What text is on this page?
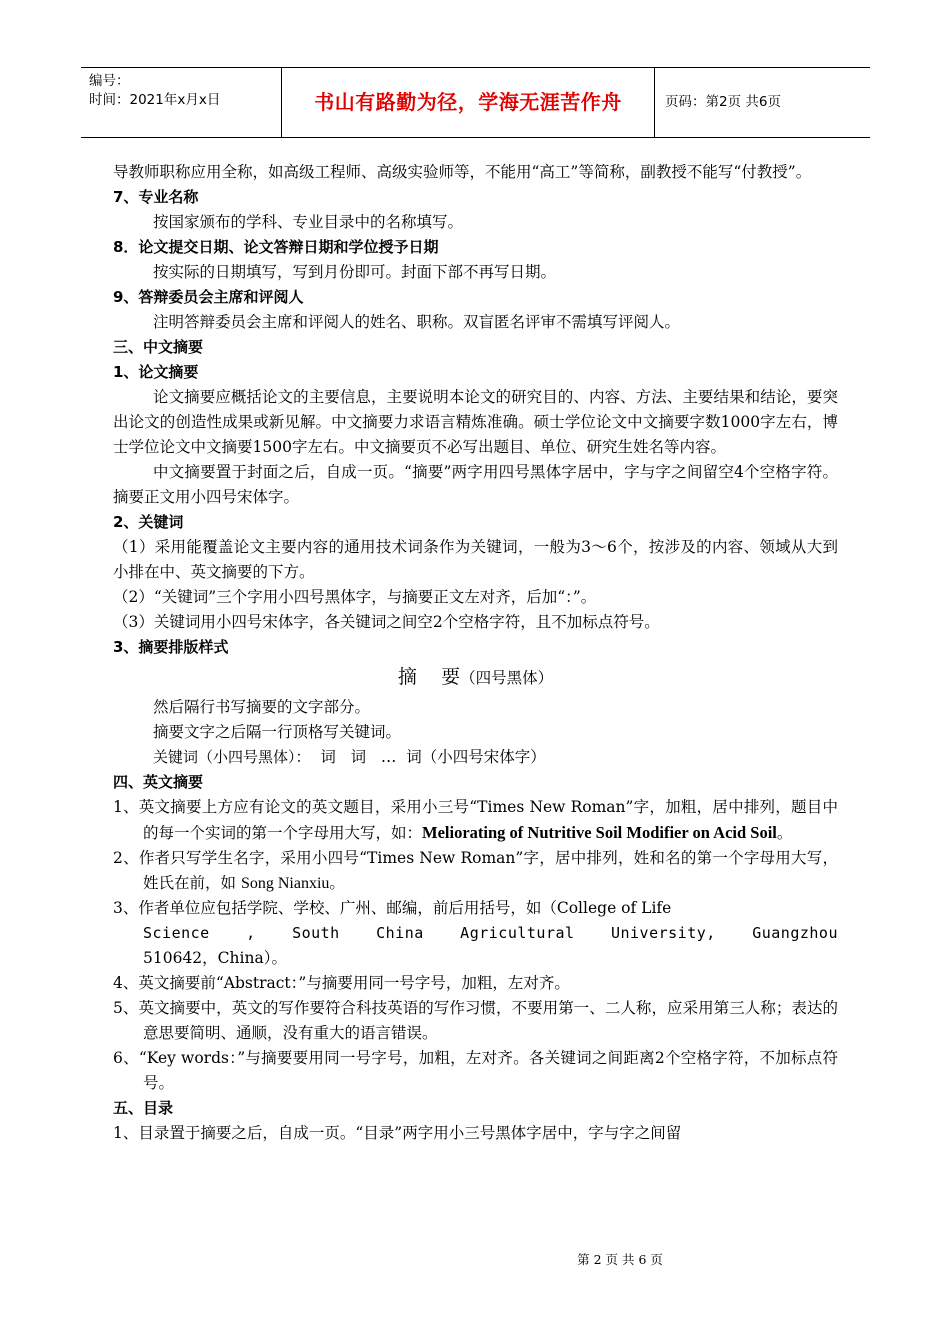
编号：
时间：2021年x月x日	书山有路勤为径，学海无涯苦作舟	页码：第2页 共6页

导教师职称应用全称，如高级工程师、高级实验师等，不能用“高工”等简称，副教授不能写“付教授”。

7、专业名称

按国家颁布的学科、专业目录中的名称填写。

8．论文提交日期、论文答辩日期和学位授予日期

按实际的日期填写，写到月份即可。封面下部不再写日期。

9、答辩委员会主席和评阅人

注明答辩委员会主席和评阅人的姓名、职称。双盲匿名评审不需填写评阅人。

三、中文摘要

1、论文摘要

论文摘要应概括论文的主要信息，主要说明本论文的研究目的、内容、方法、主要结果和结论，要突出论文的创造性成果或新见解。中文摘要力求语言精炼准确。硕士学位论文中文摘要字数1000字左右，博士学位论文中文摘要1500字左右。中文摘要页不必写出题目、单位、研究生姓名等内容。

中文摘要置于封面之后，自成一页。“摘要”两字用四号黑体字居中，字与字之间留空4个空格字符。摘要正文用小四号宋体字。

2、关键词

（1）采用能覆盖论文主要内容的通用技术词条作为关键词，一般为3～6个，按涉及的内容、领域从大到小排在中、英文摘要的下方。

（2）“关键词”三个字用小四号黑体字，与摘要正文左对齐，后加“：”。

（3）关键词用小四号宋体字，各关键词之间空2个空格字符，且不加标点符号。

3、摘要排版样式

摘    要（四号黑体）

然后隔行书写摘要的文字部分。

摘要文字之后隔一行顶格写关键词。

关键词（小四号黑体）：  词   词   …  词（小四号宋体字）

四、英文摘要

1、英文摘要上方应有论文的英文题目，采用小三号“Times New Roman”字，加粗，居中排列，题目中的每一个实词的第一个字母用大写，如：Meliorating of Nutritive Soil Modifier on Acid Soil。

2、作者只写学生名字，采用小四号“Times New Roman”字，居中排列，姓和名的第一个字母用大写，姓氏在前，如 Song Nianxiu。

3、作者单位应包括学院、学校、广州、邮编，前后用括号，如（College of Life

Science , South China Agricultural University, Guangzhou

510642，China）。

4、英文摘要前“Abstract：”与摘要用同一号字号，加粗，左对齐。

5、英文摘要中，英文的写作要符合科技英语的写作习惯，不要用第一、二人称，应采用第三人称；表达的意思要简明、通顺，没有重大的语言错误。

6、“Key words：”与摘要要用同一号字号，加粗，左对齐。各关键词之间距离2个空格字符，不加标点符号。

五、目录

1、目录置于摘要之后，自成一页。“目录”两字用小三号黑体字居中，字与字之间留

第 2 页 共 6 页
